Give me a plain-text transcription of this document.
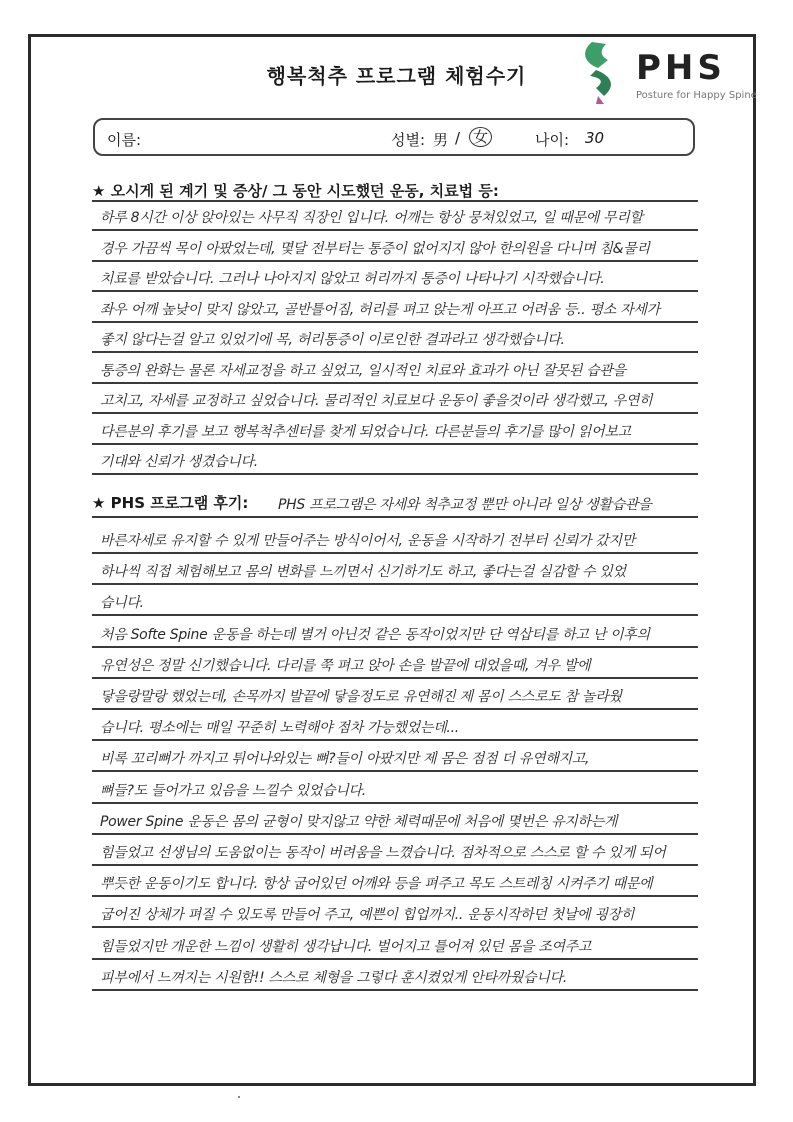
행복척추 프로그램 체험수기	PHS
Posture for Happy Spine
이름:	성별: 男 / 女	나이: 30
★ 오시게 된 계기 및 증상/ 그 동안 시도했던 운동, 치료법 등:
하루 8시간 이상 앉아있는 사무직 직장인 입니다. 어깨는 항상 뭉쳐있었고, 일 때문에 무리할
경우 가끔씩 목이 아팠었는데, 몇달 전부터는 통증이 없어지지 않아 한의원을 다니며 침&물리
치료를 받았습니다. 그러나 나아지지 않았고 허리까지 통증이 나타나기 시작했습니다.
좌우 어깨 높낮이 맞지 않았고, 골반틀어짐, 허리를 펴고 앉는게 아프고 어려움 등.. 평소 자세가
좋지 않다는걸 알고 있었기에 목, 허리통증이 이로인한 결과라고 생각했습니다.
통증의 완화는 물론 자세교정을 하고 싶었고, 일시적인 치료와 효과가 아닌 잘못된 습관을
고치고, 자세를 교정하고 싶었습니다. 물리적인 치료보다 운동이 좋을것이라 생각했고, 우연히
다른분의 후기를 보고 행복척추센터를 찾게 되었습니다. 다른분들의 후기를 많이 읽어보고
기대와 신뢰가 생겼습니다.
★ PHS 프로그램 후기: PHS 프로그램은 자세와 척추교정 뿐만 아니라 일상 생활습관을
바른자세로 유지할 수 있게 만들어주는 방식이어서, 운동을 시작하기 전부터 신뢰가 갔지만
하나씩 직접 체험해보고 몸의 변화를 느끼면서 신기하기도 하고, 좋다는걸 실감할 수 있었
습니다.
처음 Softe Spine 운동을 하는데 별거 아닌것 같은 동작이었지만 단 역삽티를 하고 난 이후의
유연성은 정말 신기했습니다. 다리를 쭉 펴고 앉아 손을 발끝에 대었을때, 겨우 발에
닿을랑말랑 했었는데, 손목까지 발끝에 닿을정도로 유연해진 제 몸이 스스로도 참 놀라웠
습니다. 평소에는 매일 꾸준히 노력해야 점차 가능했었는데...
비록 꼬리뼈가 까지고 튀어나와있는 뼈?들이 아팠지만 제 몸은 점점 더 유연해지고,
뼈들?도 들어가고 있음을 느낄수 있었습니다.
Power Spine 운동은 몸의 균형이 맞지않고 약한 체력때문에 처음에 몇번은 유지하는게
힘들었고 선생님의 도움없이는 동작이 버려움을 느꼈습니다. 점차적으로 스스로 할 수 있게 되어
뿌듯한 운동이기도 합니다. 항상 굽어있던 어깨와 등을 펴주고 목도 스트레칭 시켜주기 때문에
굽어진 상체가 펴질 수 있도록 만들어 주고, 예쁜이 힙업까지.. 운동시작하던 첫날에 굉장히
힘들었지만 개운한 느낌이 생활히 생각납니다. 벌어지고 틀어져 있던 몸을 조여주고
피부에서 느껴지는 시원함!! 스스로 체형을 그렇다 훈시켰었게 안타까웠습니다.
